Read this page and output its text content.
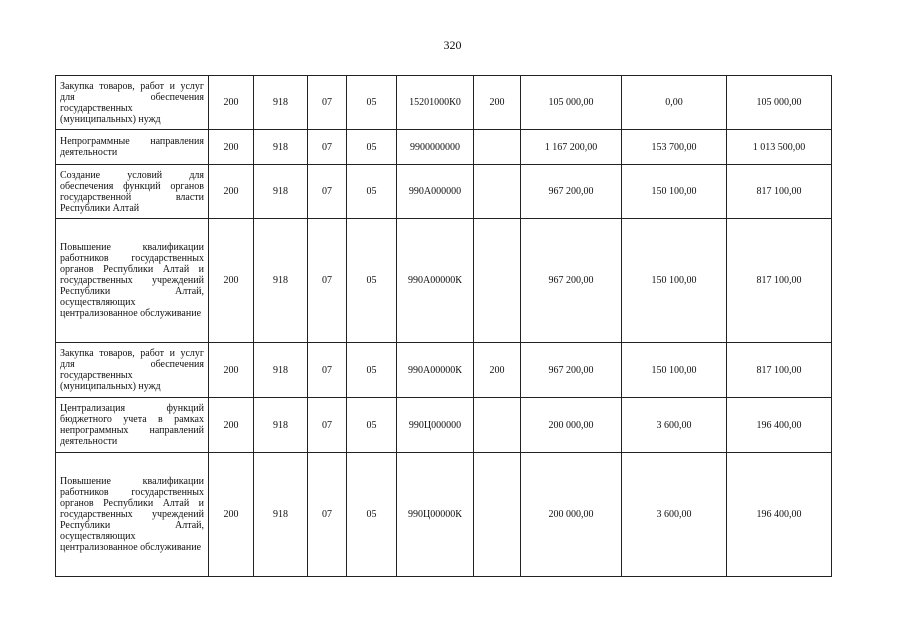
320
Закупка товаров, работ и услуг для обеспечения государственных (муниципальных) нужд	200	918	07	05	15201000К0	200	105 000,00	0,00	105 000,00
Непрограммные направления деятельности	200	918	07	05	9900000000		1 167 200,00	153 700,00	1 013 500,00
Создание условий для обеспечения функций органов государственной власти Республики Алтай	200	918	07	05	990А000000		967 200,00	150 100,00	817 100,00
Повышение квалификации работников государственных органов Республики Алтай и государственных учреждений Республики Алтай, осуществляющих централизованное обслуживание	200	918	07	05	990А00000К		967 200,00	150 100,00	817 100,00
Закупка товаров, работ и услуг для обеспечения государственных (муниципальных) нужд	200	918	07	05	990А00000К	200	967 200,00	150 100,00	817 100,00
Централизация функций бюджетного учета в рамках непрограммных направлений деятельности	200	918	07	05	990Ц000000		200 000,00	3 600,00	196 400,00
Повышение квалификации работников государственных органов Республики Алтай и государственных учреждений Республики Алтай, осуществляющих централизованное обслуживание	200	918	07	05	990Ц00000К		200 000,00	3 600,00	196 400,00
